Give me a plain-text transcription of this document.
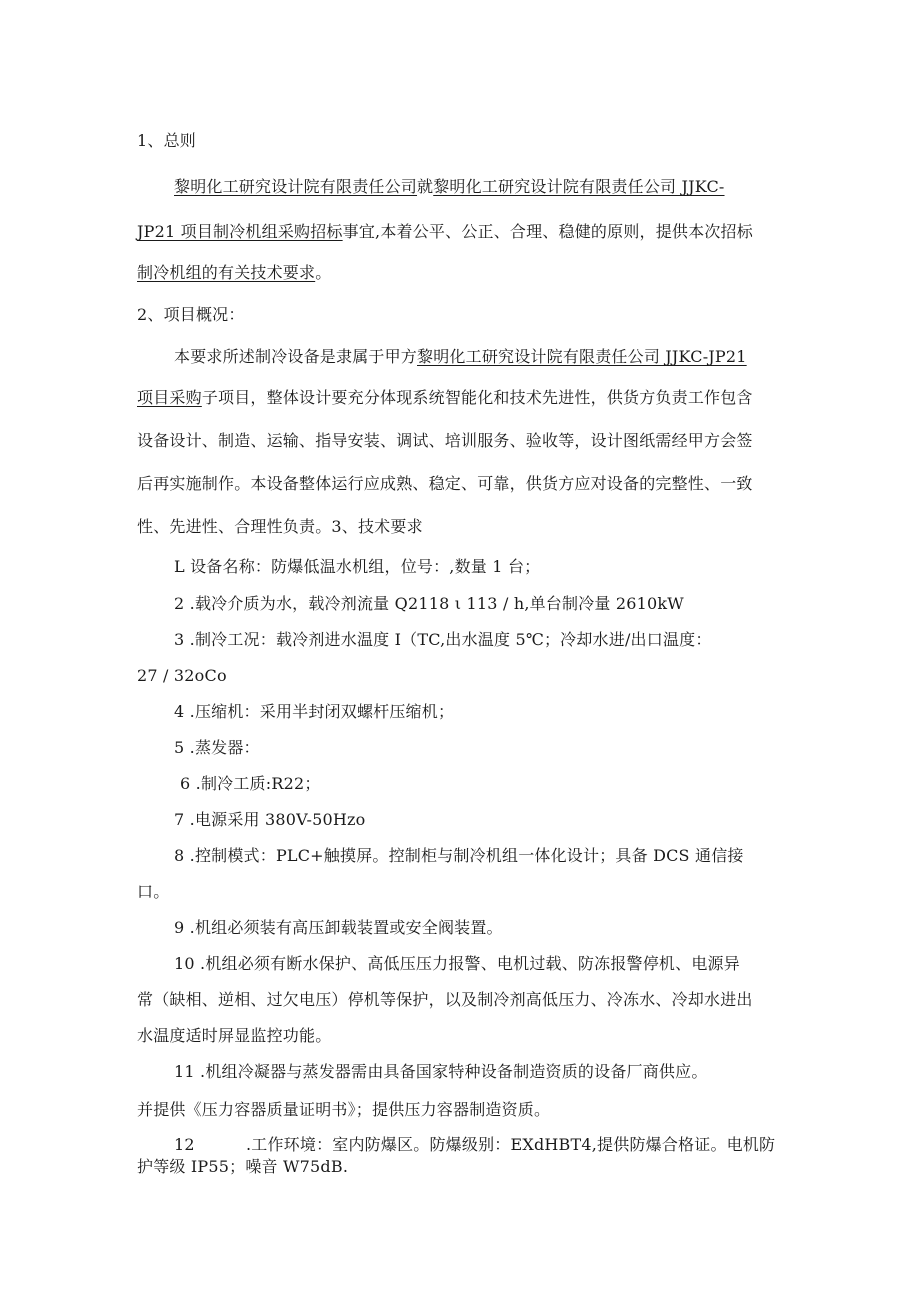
1、总则
黎明化工研究设计院有限责任公司就黎明化工研究设计院有限责任公司 JJKC-
JP21 项目制冷机组采购招标事宜,本着公平、公正、合理、稳健的原则，提供本次招标
制冷机组的有关技术要求。
2、项目概况：
本要求所述制冷设备是隶属于甲方黎明化工研究设计院有限责任公司 JJKC-JP21
项目采购子项目，整体设计要充分体现系统智能化和技术先进性，供货方负责工作包含
设备设计、制造、运输、指导安装、调试、培训服务、验收等，设计图纸需经甲方会签
后再实施制作。本设备整体运行应成熟、稳定、可靠，供货方应对设备的完整性、一致
性、先进性、合理性负责。3、技术要求
L 设备名称：防爆低温水机组，位号：,数量 1 台；
2 .载冷介质为水，载冷剂流量 Q2118 ι 113 / h,单台制冷量 2610kW
3 .制冷工况：载冷剂进水温度 I（TC,出水温度 5℃；冷却水进/出口温度：
27 / 32oCo
4 .压缩机：采用半封闭双螺杆压缩机；
5 .蒸发器：
6 .制冷工质:R22；
7 .电源采用 380V-50Hzo
8 .控制模式：PLC+触摸屏。控制柜与制冷机组一体化设计；具备 DCS 通信接
口。
9 .机组必须装有高压卸载装置或安全阀装置。
10 .机组必须有断水保护、高低压压力报警、电机过载、防冻报警停机、电源异
常（缺相、逆相、过欠电压）停机等保护，以及制冷剂高低压力、冷冻水、冷却水进出
水温度适时屏显监控功能。
11 .机组冷凝器与蒸发器需由具备国家特种设备制造资质的设备厂商供应。
并提供《压力容器质量证明书》；提供压力容器制造资质。
12	.工作环境：室内防爆区。防爆级别：EXdHBT4,提供防爆合格证。电机防
护等级 IP55；噪音 W75dB.
